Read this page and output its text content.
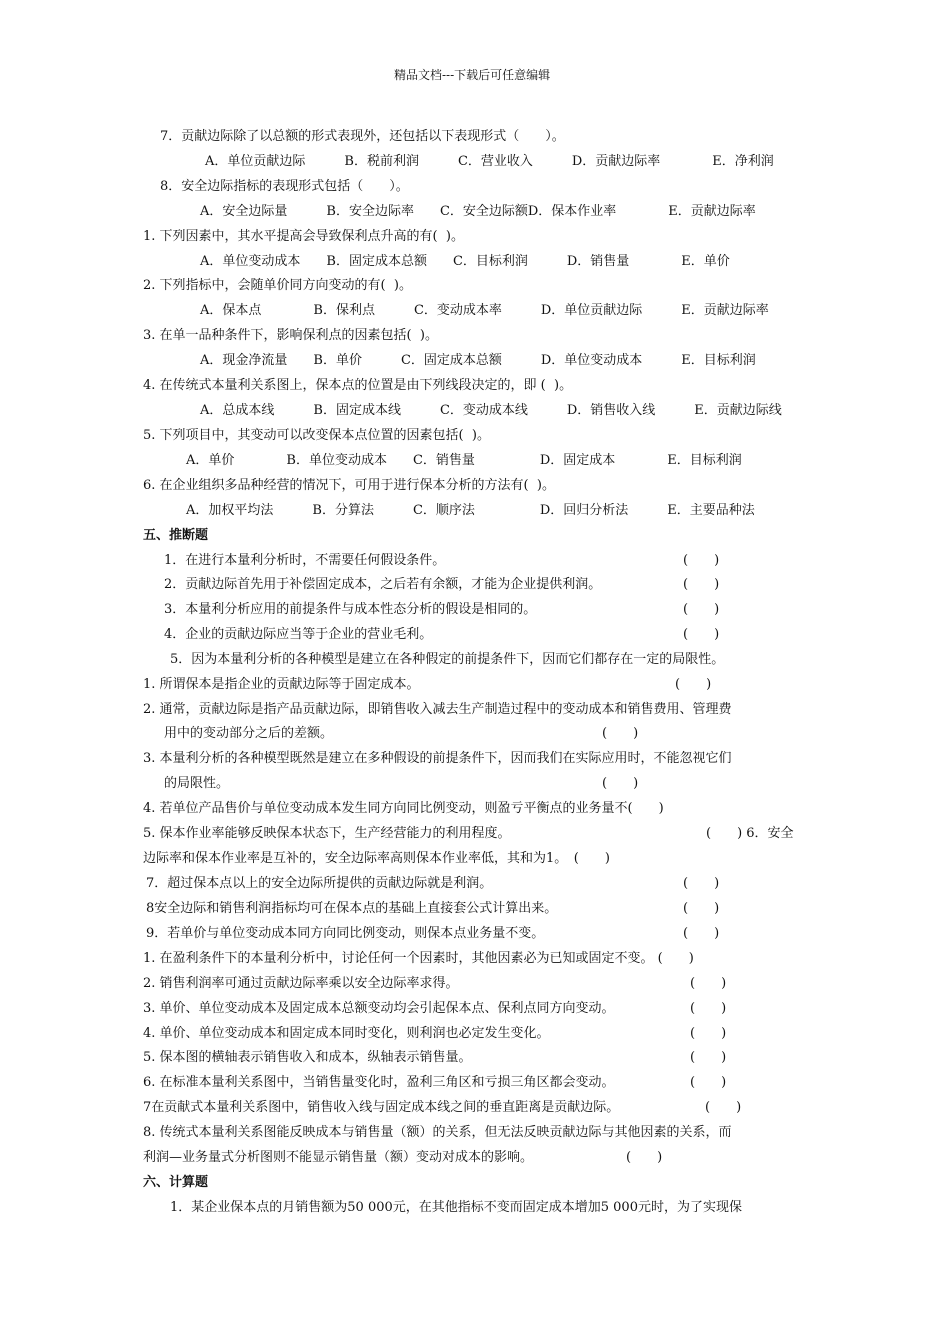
精品文档---下载后可任意编辑
7．贡献边际除了以总额的形式表现外，还包括以下表现形式（　　）。
A．单位贡献边际　　　B．税前利润　　　C．营业收入　　　D．贡献边际率　　　　E．净利润
8．安全边际指标的表现形式包括（　　）。
A．安全边际量　　　B．安全边际率　　C．安全边际额D．保本作业率　　　　E．贡献边际率
1. 下列因素中，其水平提高会导致保利点升高的有(  )。
A．单位变动成本　　B．固定成本总额　　C．目标利润　　　D．销售量　　　　E．单价
2. 下列指标中，会随单价同方向变动的有(  )。
A．保本点　　　　B．保利点　　　C．变动成本率　　　D．单位贡献边际　　　E．贡献边际率
3. 在单一品种条件下，影响保利点的因素包括(  )。
A．现金净流量　　B．单价　　　C．固定成本总额　　　D．单位变动成本　　　E．目标利润
4. 在传统式本量利关系图上，保本点的位置是由下列线段决定的，即 (  )。
A．总成本线　　　B．固定成本线　　　C．变动成本线　　　D．销售收入线　　　E．贡献边际线
5. 下列项目中，其变动可以改变保本点位置的因素包括(  )。
A．单价　　　　B．单位变动成本　　C．销售量　　　　　D．固定成本　　　　E．目标利润
6. 在企业组织多品种经营的情况下，可用于进行保本分析的方法有(  )。
A．加权平均法　　　B．分算法　　　C．顺序法　　　　　D．回归分析法　　　E．主要品种法
五、推断题
1．在进行本量利分析时，不需要任何假设条件。	(　　)
2．贡献边际首先用于补偿固定成本，之后若有余额，才能为企业提供利润。	(　　)
3．本量利分析应用的前提条件与成本性态分析的假设是相同的。	(　　)
4．企业的贡献边际应当等于企业的营业毛利。	(　　)
5．因为本量利分析的各种模型是建立在各种假定的前提条件下，因而它们都存在一定的局限性。
1. 所谓保本是指企业的贡献边际等于固定成本。	(　　)
2. 通常，贡献边际是指产品贡献边际，即销售收入减去生产制造过程中的变动成本和销售费用、管理费
用中的变动部分之后的差额。	(　　)
3. 本量利分析的各种模型既然是建立在多种假设的前提条件下，因而我们在实际应用时，不能忽视它们
的局限性。	(　　)
4. 若单位产品售价与单位变动成本发生同方向同比例变动，则盈亏平衡点的业务量不(　　)
5. 保本作业率能够反映保本状态下，生产经营能力的利用程度。	(　　) 6．安全
边际率和保本作业率是互补的，安全边际率高则保本作业率低，其和为1。　(　　)
7．超过保本点以上的安全边际所提供的贡献边际就是利润。	(　　)
8安全边际和销售利润指标均可在保本点的基础上直接套公式计算出来。	(　　)
9．若单价与单位变动成本同方向同比例变动，则保本点业务量不变。	(　　)
1. 在盈利条件下的本量利分析中，讨论任何一个因素时，其他因素必为已知或固定不变。 (　　)
2. 销售利润率可通过贡献边际率乘以安全边际率求得。	(　　)
3. 单价、单位变动成本及固定成本总额变动均会引起保本点、保利点同方向变动。	(　　)
4. 单价、单位变动成本和固定成本同时变化，则利润也必定发生变化。	(　　)
5. 保本图的横轴表示销售收入和成本，纵轴表示销售量。	(　　)
6. 在标准本量利关系图中，当销售量变化时，盈利三角区和亏损三角区都会变动。	(　　)
7在贡献式本量利关系图中，销售收入线与固定成本线之间的垂直距离是贡献边际。	(　　)
8. 传统式本量利关系图能反映成本与销售量（额）的关系，但无法反映贡献边际与其他因素的关系，而
利润—业务量式分析图则不能显示销售量（额）变动对成本的影响。	(　　)
六、计算题
1．某企业保本点的月销售额为50 000元，在其他指标不变而固定成本增加5 000元时，为了实现保
